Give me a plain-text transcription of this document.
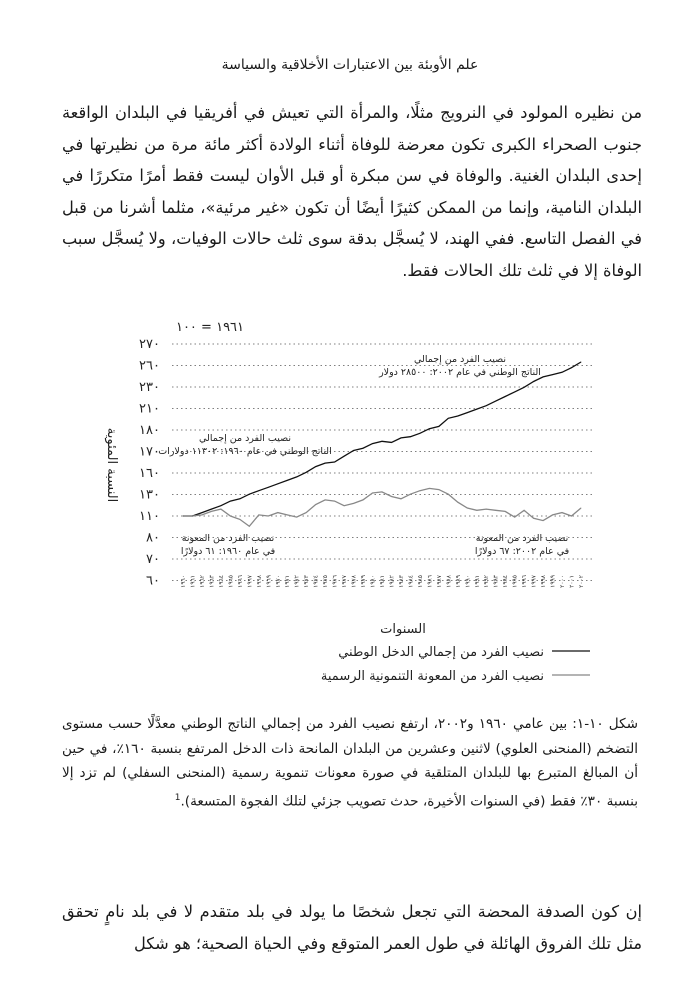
علم الأوبئة بين الاعتبارات الأخلاقية والسياسة
من نظيره المولود في النرويج مثلًا، والمرأة التي تعيش في أفريقيا في البلدان الواقعة جنوب الصحراء الكبرى تكون معرضة للوفاة أثناء الولادة أكثر مائة مرة من نظيرتها في إحدى البلدان الغنية. والوفاة في سن مبكرة أو قبل الأوان ليست فقط أمرًا متكررًا في البلدان النامية، وإنما من الممكن كثيرًا أيضًا أن تكون «غير مرئية»، مثلما أشرنا من قبل في الفصل التاسع. ففي الهند، لا يُسجَّل بدقة سوى ثلث حالات الوفيات، ولا يُسجَّل سبب الوفاة إلا في ثلث تلك الحالات فقط.
١٩٦١ = ١٠٠
٢٧٠
٢٦٠
٢٣٠
٢١٠
١٨٠
١٧٠
١٦٠
١٣٠
١١٠
٨٠
٧٠
٦٠	١٩٦٠ ١٩٦١ ١٩٦٢ ١٩٦٣ ١٩٦٤ ١٩٦٥ ١٩٦٦ ١٩٦٧ ١٩٦٨ ١٩٦٩ ١٩٧٠ ١٩٧١ ١٩٧٢ ١٩٧٣ ١٩٧٤ ١٩٧٥ ١٩٧٦ ١٩٧٧ ١٩٧٨ ١٩٧٩ ١٩٨٠ ١٩٨١ ١٩٨٢ ١٩٨٣ ١٩٨٤ ١٩٨٥ ١٩٨٦ ١٩٨٧ ١٩٨٨ ١٩٨٩ ١٩٩٠ ١٩٩١ ١٩٩٢ ١٩٩٣ ١٩٩٤ ١٩٩٥ ١٩٩٦ ١٩٩٧ ١٩٩٨ ١٩٩٩ ٢٠٠٠ ٢٠٠١ ٢٠٠٢
النسبة المئوية
السنوات
نصيب الفرد من إجمالي
الناتج الوطني في عام ٢٠٠٢: ٢٨٥٠٠ دولار
نصيب الفرد من إجمالي
الناتج الوطني في عام ١٩٦٠: ١١٣٠٢ دولارات
نصيب الفرد من المعونة
في عام ١٩٦٠: ٦١ دولارًا
نصيب الفرد من المعونة
في عام ٢٠٠٢: ٦٧ دولارًا
نصيب الفرد من إجمالي الدخل الوطني
نصيب الفرد من المعونة التنمونية الرسمية
شكل ١٠-١: بين عامي ١٩٦٠ و٢٠٠٢، ارتفع نصيب الفرد من إجمالي الناتج الوطني معدَّلًا حسب مستوى التضخم (المنحنى العلوي) لاثنين وعشرين من البلدان المانحة ذات الدخل المرتفع بنسبة ١٦٠٪، في حين أن المبالغ المتبرع بها للبلدان المتلقية في صورة معونات تنموية رسمية (المنحنى السفلي) لم تزد إلا بنسبة ٣٠٪ فقط (في السنوات الأخيرة، حدث تصويب جزئي لتلك الفجوة المتسعة).$^1$
إن كون الصدفة المحضة التي تجعل شخصًا ما يولد في بلد متقدم لا في بلد نامٍ تحقق مثل تلك الفروق الهائلة في طول العمر المتوقع وفي الحياة الصحية؛ هو شكل
